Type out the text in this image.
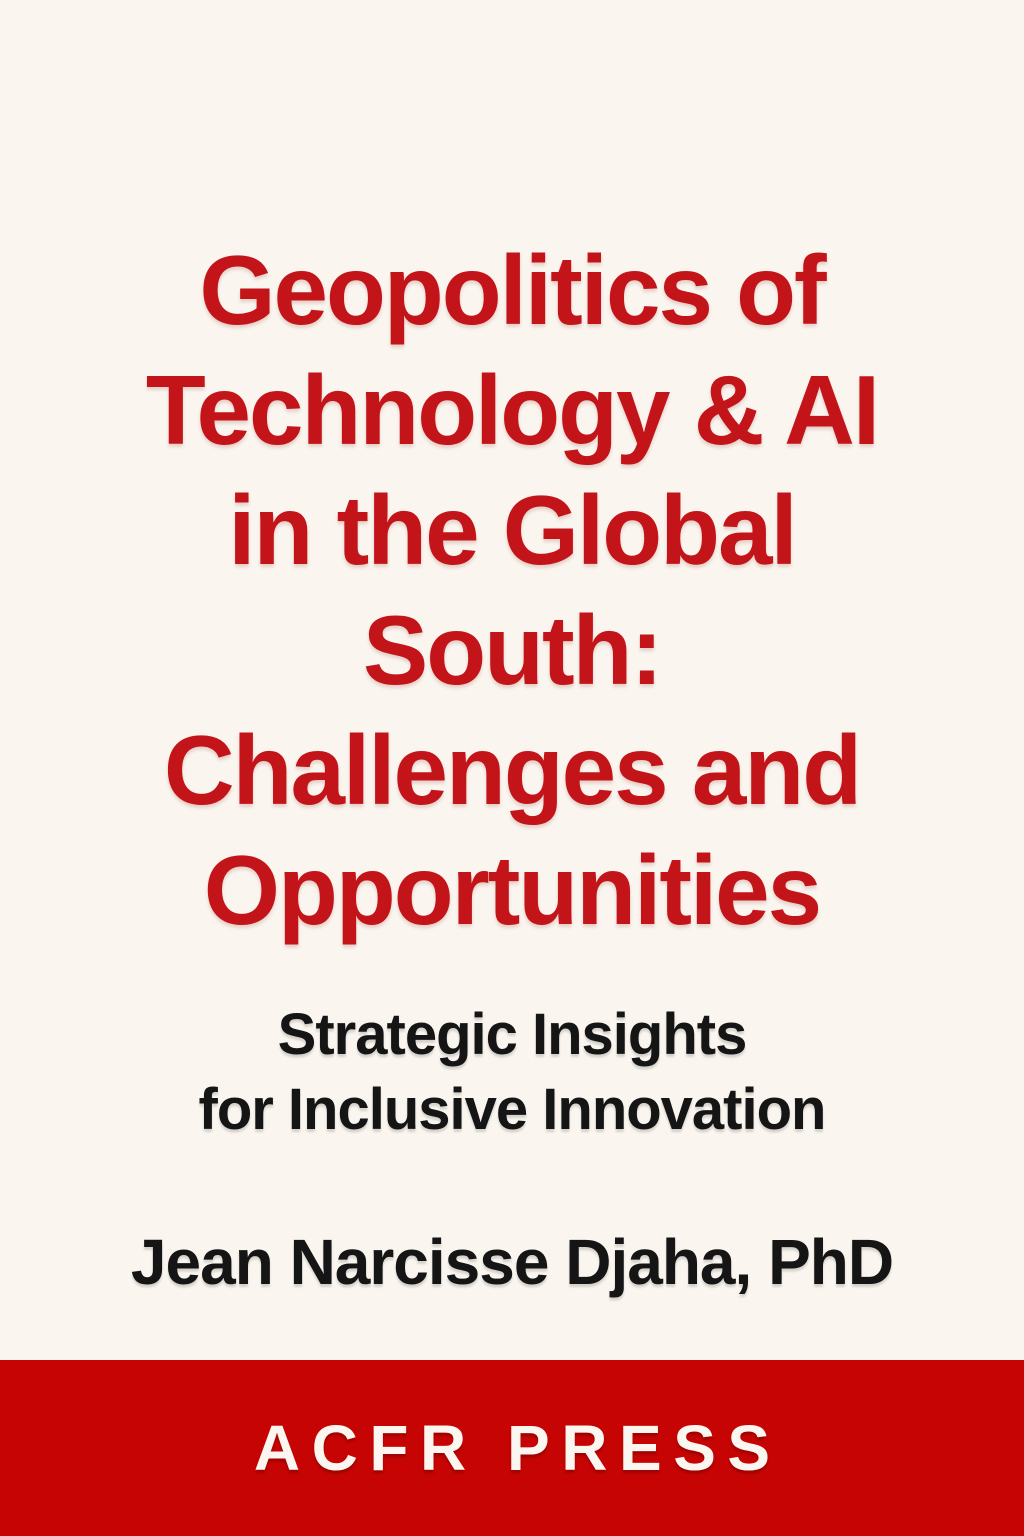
Geopolitics of
Technology & AI
in the Global
South:
Challenges and
Opportunities
Strategic Insights
for Inclusive Innovation
Jean Narcisse Djaha, PhD
ACFR PRESS
